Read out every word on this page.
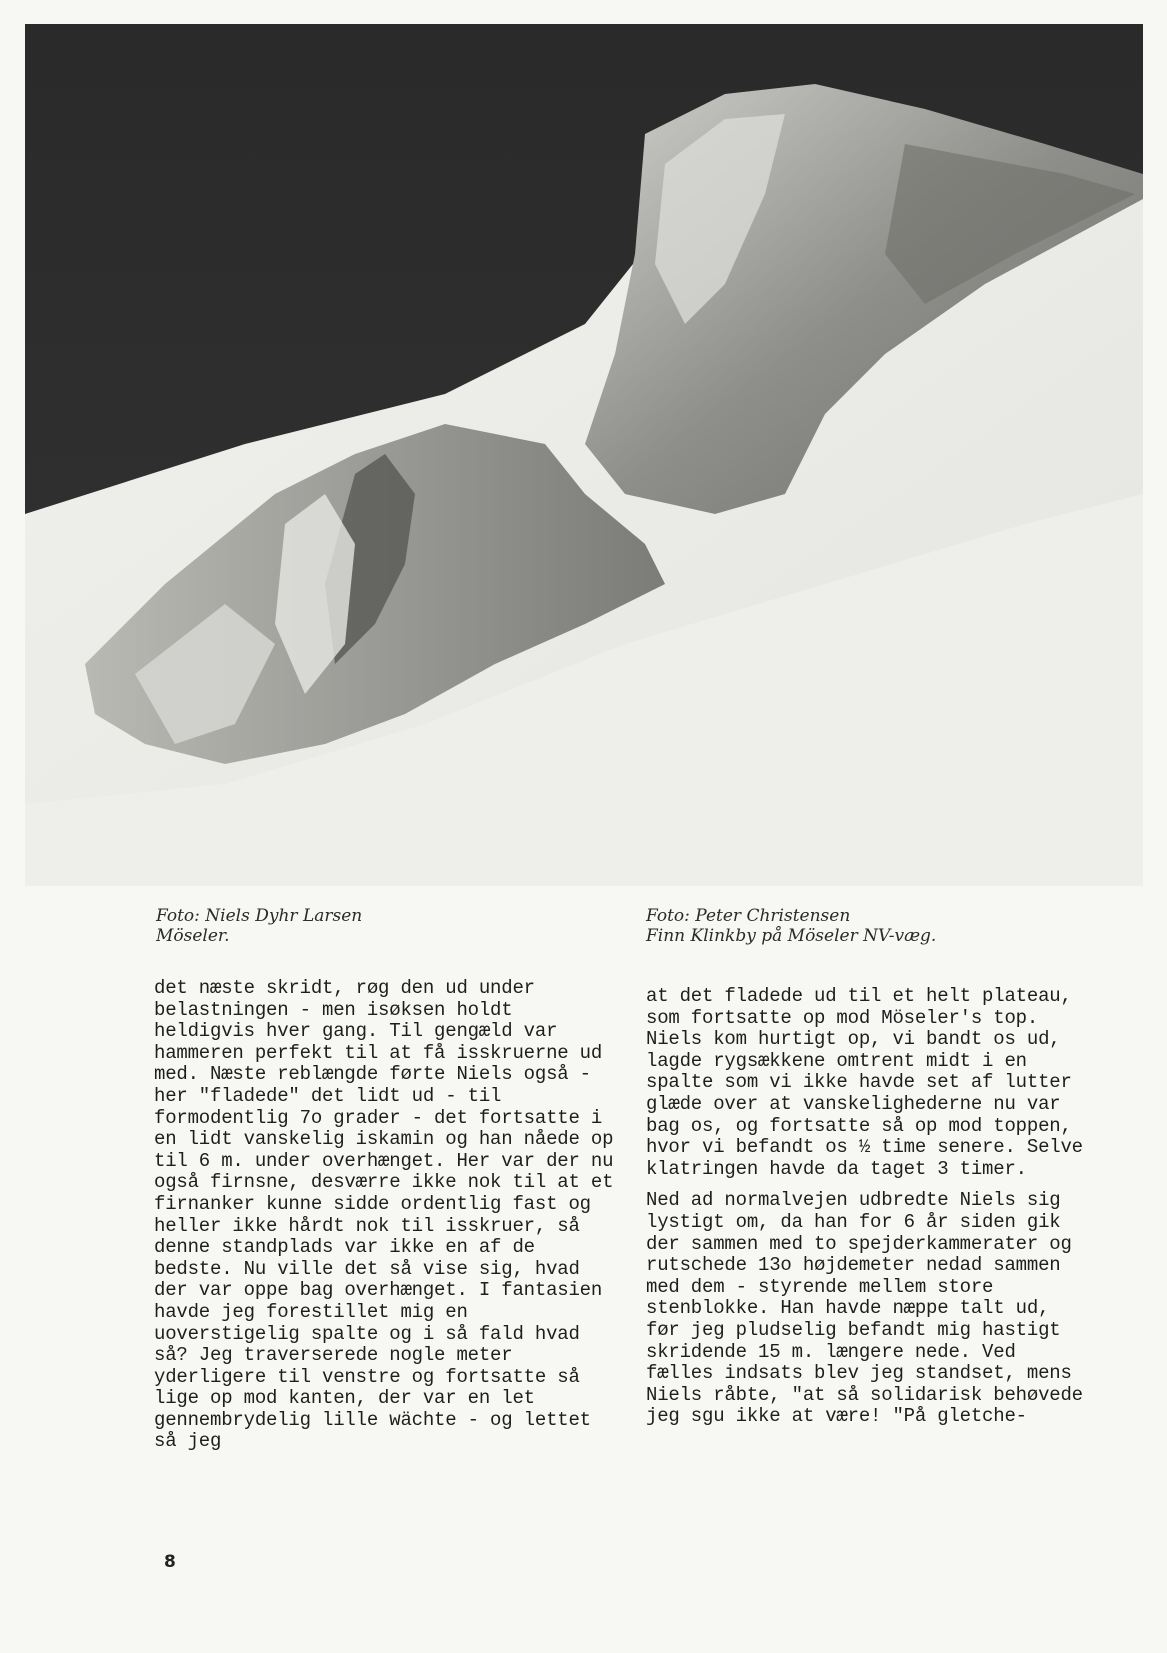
Foto: Niels Dyhr Larsen
Möseler.
Foto: Peter Christensen
Finn Klinkby på Möseler NV-væg.

det næste skridt, røg den ud under belastningen - men isøksen holdt heldigvis hver gang. Til gengæld var hammeren perfekt til at få isskruerne ud med. Næste reblængde førte Niels også - her "fladede" det lidt ud - til formodentlig 7o grader - det fortsatte i en lidt vanskelig iskamin og han nåede op til 6 m. under overhænget. Her var der nu også firnsne, desværre ikke nok til at et firnanker kunne sidde ordentlig fast og heller ikke hårdt nok til isskruer, så denne standplads var ikke en af de bedste. Nu ville det så vise sig, hvad der var oppe bag overhænget. I fantasien havde jeg forestillet mig en uoverstigelig spalte og i så fald hvad så? Jeg traverserede nogle meter yderligere til venstre og fortsatte så lige op mod kanten, der var en let gennembrydelig lille wächte - og lettet så jeg

at det fladede ud til et helt plateau, som fortsatte op mod Möseler's top. Niels kom hurtigt op, vi bandt os ud, lagde rygsækkene omtrent midt i en spalte som vi ikke havde set af lutter glæde over at vanskelighederne nu var bag os, og fortsatte så op mod toppen, hvor vi befandt os ½ time senere. Selve klatringen havde da taget 3 timer.

Ned ad normalvejen udbredte Niels sig lystigt om, da han for 6 år siden gik der sammen med to spejderkammerater og rutschede 13o højdemeter nedad sammen med dem - styrende mellem store stenblokke. Han havde næppe talt ud, før jeg pludselig befandt mig hastigt skridende 15 m. længere nede. Ved fælles indsats blev jeg standset, mens Niels råbte, "at så solidarisk behøvede jeg sgu ikke at være! "På gletche-

8
